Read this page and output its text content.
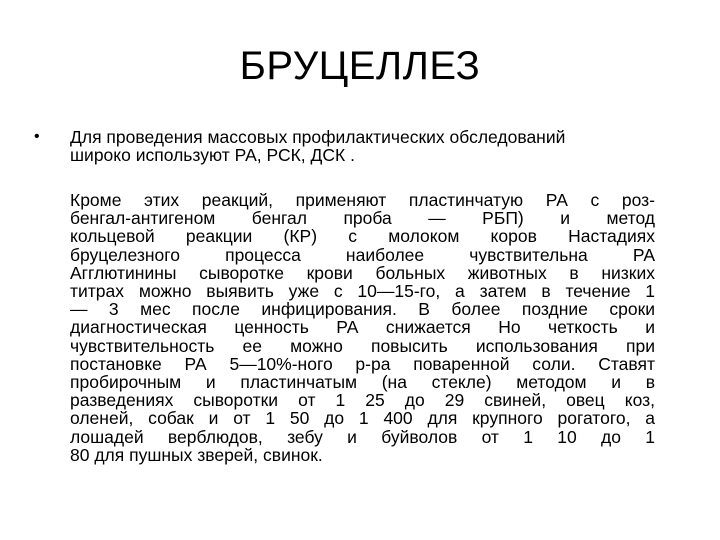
БРУЦЕЛЛЕЗ
•	Для проведения массовых профилактических обследований
широко используют РА, РСК, ДСК .
Кроме этих реакций, применяют пластинчатую РА с роз-
бенгал-антигеном бенгал проба — РБП) и метод
кольцевой реакции (КР) с молоком коров Настадиях
бруцелезного процесса наиболее чувствительна РА
Агглютинины сыворотке крови больных животных в низких
титрах можно выявить уже с 10—15-го, а затем в течение 1
— 3 мес после инфицирования. В более поздние сроки
диагностическая ценность РА снижается Но четкость и
чувствительность ее можно повысить использования при
постановке РА 5—10%-ного р-ра поваренной соли. Ставят
пробирочным и пластинчатым (на стекле) методом и в
разведениях сыворотки от 1 25 до 29 свиней, овец коз,
оленей, собак и от 1 50 до 1 400 для крупного рогатого, а
лошадей верблюдов, зебу и буйволов от 1 10 до 1
80 для пушных зверей, свинок.
